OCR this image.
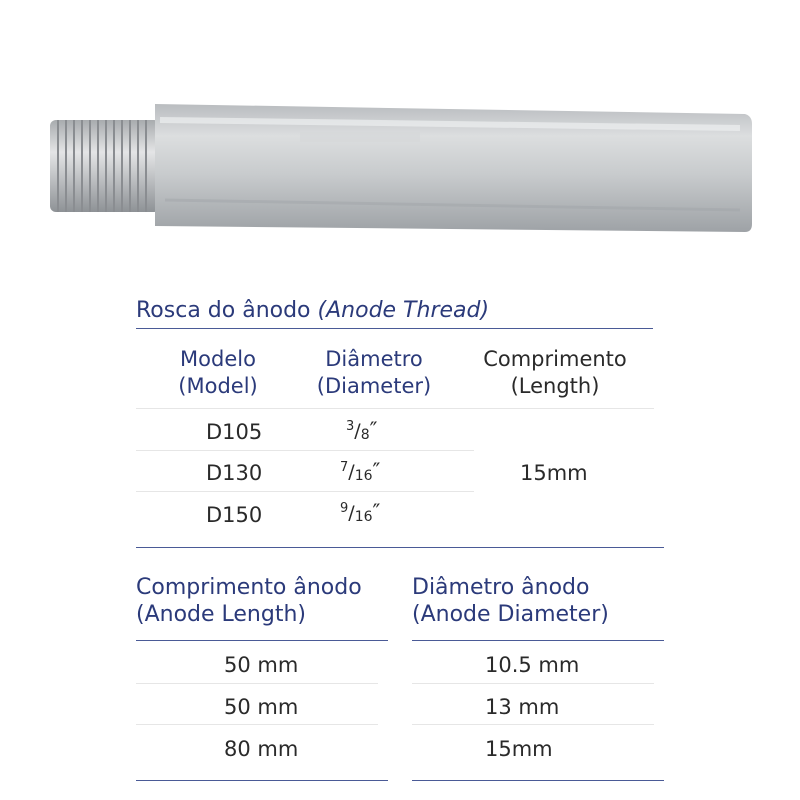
Rosca do ânodo (Anode Thread)
Modelo
(Model)
Diâmetro
(Diameter)
Comprimento
(Length)
D105
D130
D150
$^3/_8''$
$^7/_{16}''$
$^9/_{16}''$
15mm
Comprimento ânodo
(Anode Length)
50 mm
50 mm
80 mm
Diâmetro ânodo
(Anode Diameter)
10.5 mm
13 mm
15mm
